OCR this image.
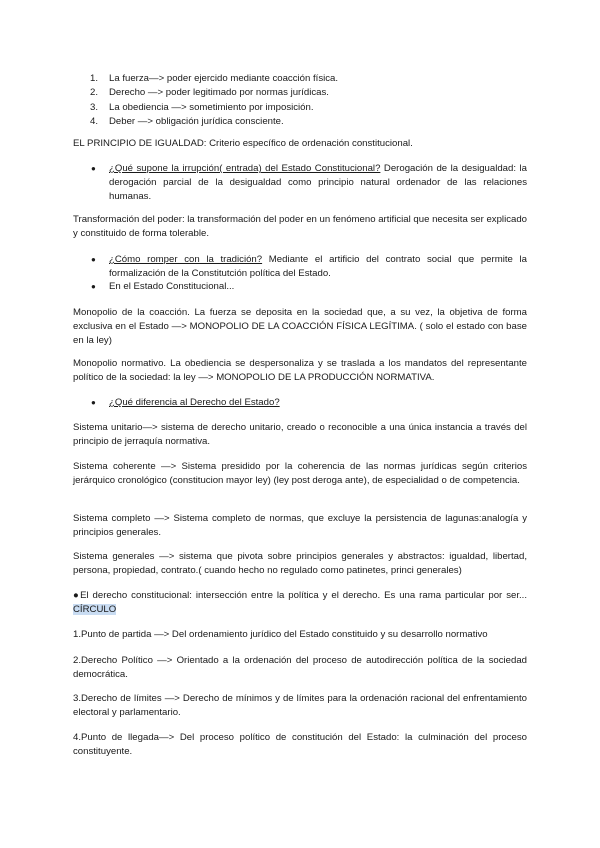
1.	La fuerza—> poder ejercido mediante coacción física.
2.	Derecho —> poder legitimado por normas jurídicas.
3.	La obediencia —> sometimiento por imposición.
4.	Deber —> obligación jurídica consciente.
EL PRINCIPIO DE IGUALDAD: Criterio específico de ordenación constitucional.
●	¿Qué supone la irrupción( entrada) del Estado Constitucional? Derogación de la desigualdad: la derogación parcial de la desigualdad como principio natural ordenador de las relaciones humanas.
Transformación del poder: la transformación del poder en un fenómeno artificial que necesita ser explicado y constituido de forma tolerable.
●	¿Cómo romper con la tradición? Mediante el artificio del contrato social que permite la formalización de la Constitutción política del Estado.
●	En el Estado Constitucional...
Monopolio de la coacción. La fuerza se deposita en la sociedad que, a su vez, la objetiva de forma exclusiva en el Estado —> MONOPOLIO DE LA COACCIÓN FÍSICA LEGÍTIMA. ( solo el estado con base en la ley)
Monopolio normativo. La obediencia se despersonaliza y se traslada a los mandatos del representante político de la sociedad: la ley —> MONOPOLIO DE LA PRODUCCIÓN NORMATIVA.
●	¿Qué diferencia al Derecho del Estado?
Sistema unitario—> sistema de derecho unitario, creado o reconocible a una única instancia a través del principio de jerraquía normativa.
Sistema coherente —> Sistema presidido por la coherencia de las normas jurídicas según criterios jerárquico cronológico (constitucion mayor ley) (ley post deroga ante), de especialidad o de competencia.
Sistema completo —> Sistema completo de normas, que excluye la persistencia de lagunas:analogía y principios generales.
Sistema generales —> sistema que pivota sobre principios generales y abstractos: igualdad, libertad, persona, propiedad, contrato.( cuando hecho no regulado como patinetes, princi generales)
●El derecho constitucional: intersección entre la política y el derecho. Es una rama particular por ser... CÍRCULO
1.Punto de partida —> Del ordenamiento jurídico del Estado constituido y su desarrollo normativo
2.Derecho Político —> Orientado a la ordenación del proceso de autodirección política de la sociedad democrática.
3.Derecho de límites —> Derecho de mínimos y de límites para la ordenación racional del enfrentamiento electoral y parlamentario.
4.Punto de llegada—> Del proceso político de constitución del Estado: la culminación del proceso constituyente.
